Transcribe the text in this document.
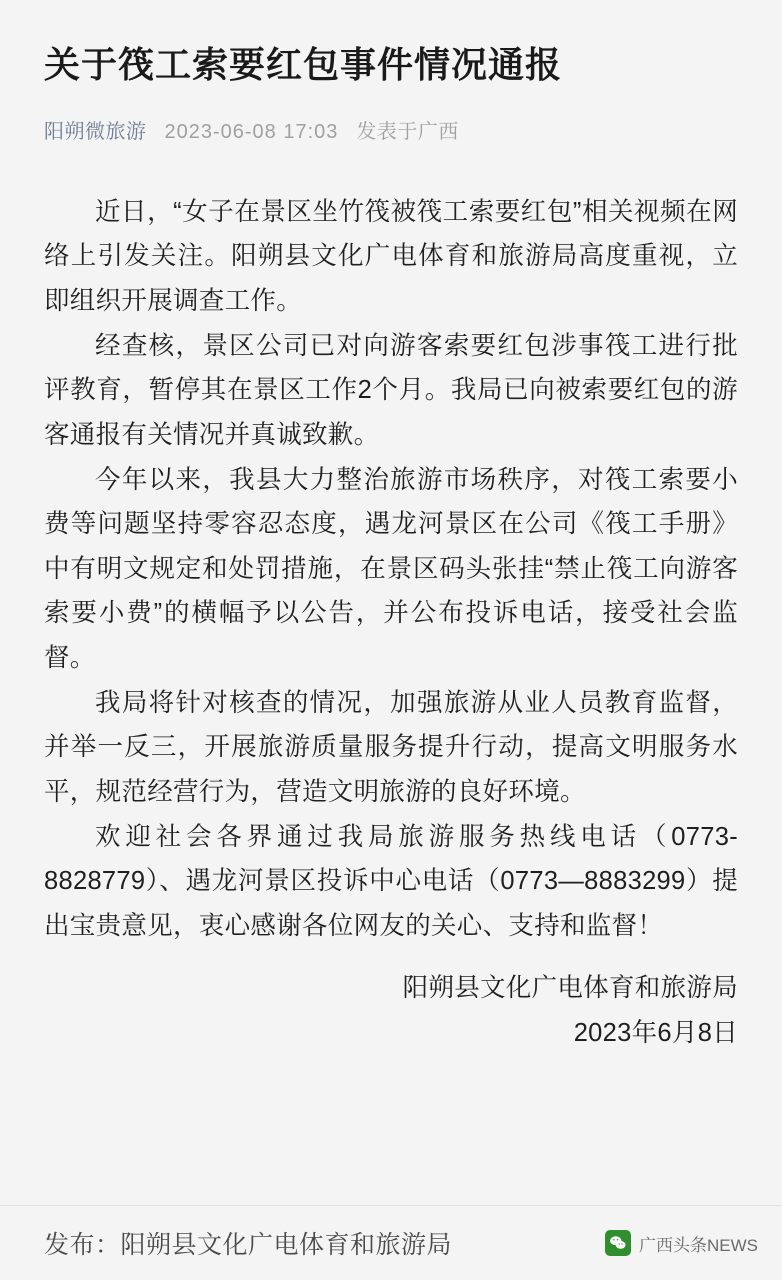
关于筏工索要红包事件情况通报
阳朔微旅游 2023-06-08 17:03 发表于广西

近日，“女子在景区坐竹筏被筏工索要红包”相关视频在网络上引发关注。阳朔县文化广电体育和旅游局高度重视，立即组织开展调查工作。

经查核，景区公司已对向游客索要红包涉事筏工进行批评教育，暂停其在景区工作2个月。我局已向被索要红包的游客通报有关情况并真诚致歉。

今年以来，我县大力整治旅游市场秩序，对筏工索要小费等问题坚持零容忍态度，遇龙河景区在公司《筏工手册》中有明文规定和处罚措施，在景区码头张挂“禁止筏工向游客索要小费”的横幅予以公告，并公布投诉电话，接受社会监督。

我局将针对核查的情况，加强旅游从业人员教育监督，并举一反三，开展旅游质量服务提升行动，提高文明服务水平，规范经营行为，营造文明旅游的良好环境。

欢迎社会各界通过我局旅游服务热线电话（0773-8828779）、遇龙河景区投诉中心电话（0773—8883299）提出宝贵意见，衷心感谢各位网友的关心、支持和监督！

阳朔县文化广电体育和旅游局
2023年6月8日
发布：阳朔县文化广电体育和旅游局	广西头条NEWS
